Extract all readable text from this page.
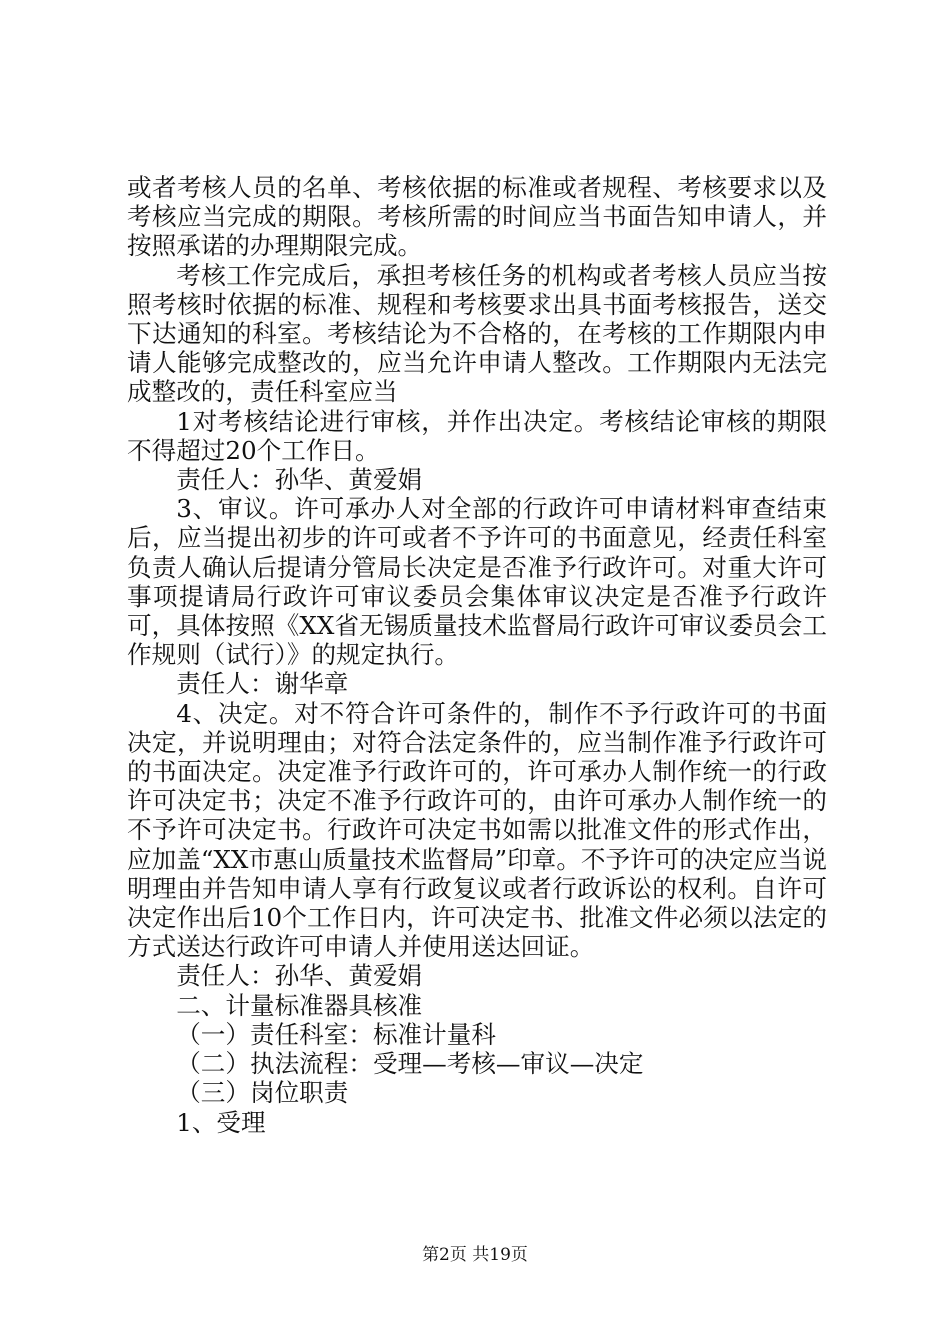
或者考核人员的名单、考核依据的标准或者规程、考核要求以及考核应当完成的期限。考核所需的时间应当书面告知申请人，并按照承诺的办理期限完成。

考核工作完成后，承担考核任务的机构或者考核人员应当按照考核时依据的标准、规程和考核要求出具书面考核报告，送交下达通知的科室。考核结论为不合格的，在考核的工作期限内申请人能够完成整改的，应当允许申请人整改。工作期限内无法完成整改的，责任科室应当

1对考核结论进行审核，并作出决定。考核结论审核的期限不得超过20个工作日。

责任人：孙华、黄爱娟

3、审议。许可承办人对全部的行政许可申请材料审查结束后，应当提出初步的许可或者不予许可的书面意见，经责任科室负责人确认后提请分管局长决定是否准予行政许可。对重大许可事项提请局行政许可审议委员会集体审议决定是否准予行政许可，具体按照《XX省无锡质量技术监督局行政许可审议委员会工作规则（试行）》的规定执行。

责任人：谢华章

4、决定。对不符合许可条件的，制作不予行政许可的书面决定，并说明理由；对符合法定条件的，应当制作准予行政许可的书面决定。决定准予行政许可的，许可承办人制作统一的行政许可决定书；决定不准予行政许可的，由许可承办人制作统一的不予许可决定书。行政许可决定书如需以批准文件的形式作出，应加盖“XX市惠山质量技术监督局”印章。不予许可的决定应当说明理由并告知申请人享有行政复议或者行政诉讼的权利。自许可决定作出后10个工作日内，许可决定书、批准文件必须以法定的方式送达行政许可申请人并使用送达回证。

责任人：孙华、黄爱娟

二、计量标准器具核准

（一）责任科室：标准计量科

（二）执法流程：受理—考核—审议—决定

（三）岗位职责

1、受理

第2页 共19页
